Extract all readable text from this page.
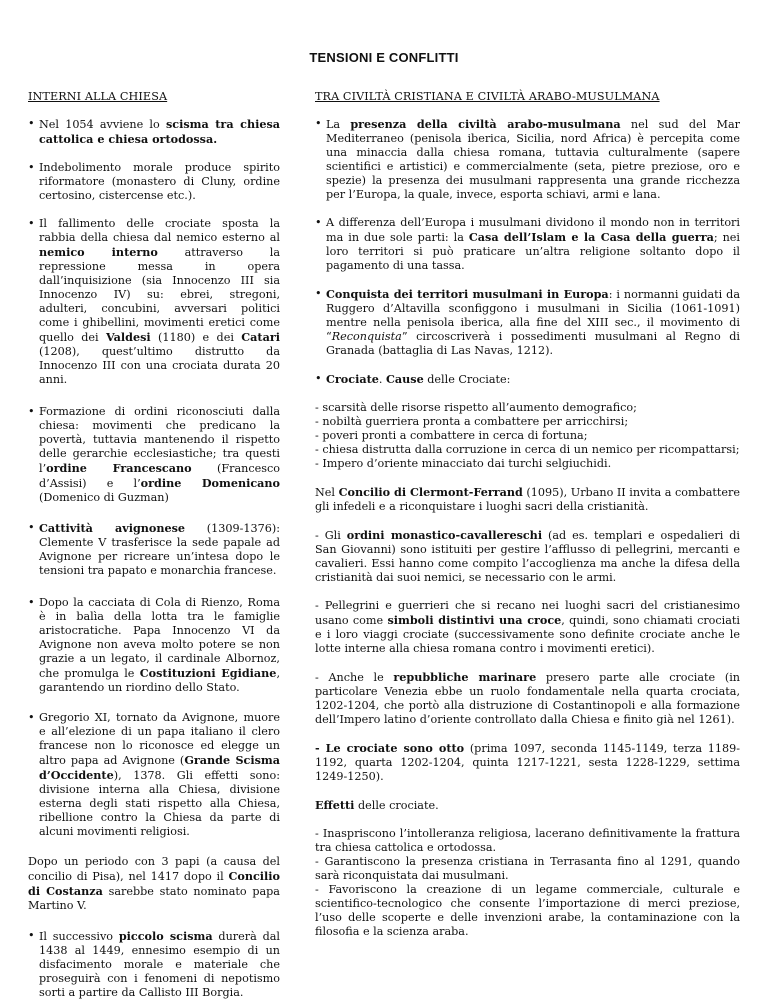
TENSIONI E CONFLITTI
INTERNI ALLA CHIESA

• Nel 1054 avviene lo scisma tra chiesa cattolica e chiesa ortodossa.

• Indebolimento morale produce spirito riformatore (monastero di Cluny, ordine certosino, cistercense etc.).

• Il fallimento delle crociate sposta la rabbia della chiesa dal nemico esterno al nemico interno attraverso la repressione messa in opera dall’inquisizione (sia Innocenzo III sia Innocenzo IV) su: ebrei, stregoni, adulteri, concubini, avversari politici come i ghibellini, movimenti eretici come quello dei Valdesi (1180) e dei Catari (1208), quest’ultimo distrutto da Innocenzo III con una crociata durata 20 anni.

• Formazione di ordini riconosciuti dalla chiesa: movimenti che predicano la povertà, tuttavia mantenendo il rispetto delle gerarchie ecclesiastiche; tra questi l’ordine Francescano (Francesco d’Assisi) e l’ordine Domenicano (Domenico di Guzman)

• Cattività avignonese (1309-1376): Clemente V trasferisce la sede papale ad Avignone per ricreare un’intesa dopo le tensioni tra papato e monarchia francese.

• Dopo la cacciata di Cola di Rienzo, Roma è in balìa della lotta tra le famiglie aristocratiche. Papa Innocenzo VI da Avignone non aveva molto potere se non grazie a un legato, il cardinale Albornoz, che promulga le Costituzioni Egidiane, garantendo un riordino dello Stato.

• Gregorio XI, tornato da Avignone, muore e all’elezione di un papa italiano il clero francese non lo riconosce ed elegge un altro papa ad Avignone (Grande Scisma d’Occidente), 1378. Gli effetti sono: divisione interna alla Chiesa, divisione esterna degli stati rispetto alla Chiesa, ribellione contro la Chiesa da parte di alcuni movimenti religiosi.

Dopo un periodo con 3 papi (a causa del concilio di Pisa), nel 1417 dopo il Concilio di Costanza sarebbe stato nominato papa Martino V.

• Il successivo piccolo scisma durerà dal 1438 al 1449, ennesimo esempio di un disfacimento morale e materiale che proseguirà con i fenomeni di nepotismo sorti a partire da Callisto III Borgia.

TRA CIVILTÀ CRISTIANA E CIVILTÀ ARABO-MUSULMANA

• La presenza della civiltà arabo-musulmana nel sud del Mar Mediterraneo (penisola iberica, Sicilia, nord Africa) è percepita come una minaccia dalla chiesa romana, tuttavia culturalmente (sapere scientifici e artistici) e commercialmente (seta, pietre preziose, oro e spezie) la presenza dei musulmani rappresenta una grande ricchezza per l’Europa, la quale, invece, esporta schiavi, armi e lana.

• A differenza dell’Europa i musulmani dividono il mondo non in territori ma in due sole parti: la Casa dell’Islam e la Casa della guerra; nei loro territori si può praticare un’altra religione soltanto dopo il pagamento di una tassa.

• Conquista dei territori musulmani in Europa: i normanni guidati da Ruggero d’Altavilla sconfiggono i musulmani in Sicilia (1061-1091) mentre nella penisola iberica, alla fine del XIII sec., il movimento di “Reconquista” circoscriverà i possedimenti musulmani al Regno di Granada (battaglia di Las Navas, 1212).

• Crociate. Cause delle Crociate:

- scarsità delle risorse rispetto all’aumento demografico;
- nobiltà guerriera pronta a combattere per arricchirsi;
- poveri pronti a combattere in cerca di fortuna;
- chiesa distrutta dalla corruzione in cerca di un nemico per ricompattarsi;
- Impero d’oriente minacciato dai turchi selgiuchidi.

Nel Concilio di Clermont-Ferrand (1095), Urbano II invita a combattere gli infedeli e a riconquistare i luoghi sacri della cristianità.

- Gli ordini monastico-cavallereschi (ad es. templari e ospedalieri di San Giovanni) sono istituiti per gestire l’afflusso di pellegrini, mercanti e cavalieri. Essi hanno come compito l’accoglienza ma anche la difesa della cristianità dai suoi nemici, se necessario con le armi.

- Pellegrini e guerrieri che si recano nei luoghi sacri del cristianesimo usano come simboli distintivi una croce, quindi, sono chiamati crociati e i loro viaggi crociate (successivamente sono definite crociate anche le lotte interne alla chiesa romana contro i movimenti eretici).

- Anche le repubbliche marinare presero parte alle crociate (in particolare Venezia ebbe un ruolo fondamentale nella quarta crociata, 1202-1204, che portò alla distruzione di Costantinopoli e alla formazione dell’Impero latino d’oriente controllato dalla Chiesa e finito già nel 1261).

- Le crociate sono otto (prima 1097, seconda 1145-1149, terza 1189-1192, quarta 1202-1204, quinta 1217-1221, sesta 1228-1229, settima 1249-1250).

Effetti delle crociate.

- Inaspriscono l’intolleranza religiosa, lacerano definitivamente la frattura tra chiesa cattolica e ortodossa.
- Garantiscono la presenza cristiana in Terrasanta fino al 1291, quando sarà riconquistata dai musulmani.
- Favoriscono la creazione di un legame commerciale, culturale e scientifico-tecnologico che consente l’importazione di merci preziose, l’uso delle scoperte e delle invenzioni arabe, la contaminazione con la filosofia e la scienza araba.
